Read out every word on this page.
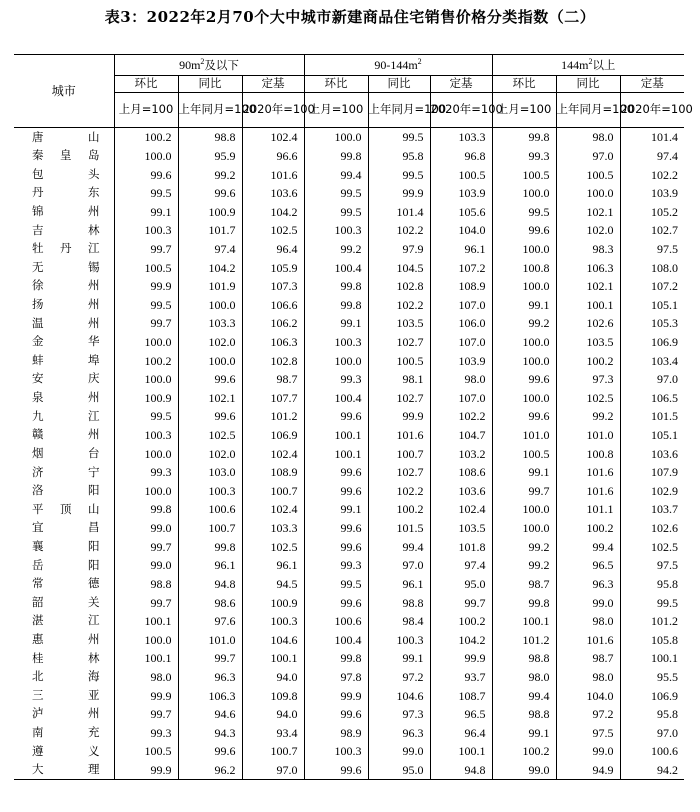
表3：2022年2月70个大中城市新建商品住宅销售价格分类指数（二）
城市	$90m^2$及以下			$90-144m^2$			$144m^2$以上		
	环比	同比	定基	环比	同比	定基	环比	同比	定基
	上月=100	上年同月=100	2020年=100	上月=100	上年同月=100	2020年=100	上月=100	上年同月=100	2020年=100
唐山	100.2	98.8	102.4	100.0	99.5	103.3	99.8	98.0	101.4
秦皇岛	100.0	95.9	96.6	99.8	95.8	96.8	99.3	97.0	97.4
包头	99.6	99.2	101.6	99.4	99.5	100.5	100.5	100.5	102.2
丹东	99.5	99.6	103.6	99.5	99.9	103.9	100.0	100.0	103.9
锦州	99.1	100.9	104.2	99.5	101.4	105.6	99.5	102.1	105.2
吉林	100.3	101.7	102.5	100.3	102.2	104.0	99.6	102.0	102.7
牡丹江	99.7	97.4	96.4	99.2	97.9	96.1	100.0	98.3	97.5
无锡	100.5	104.2	105.9	100.4	104.5	107.2	100.8	106.3	108.0
徐州	99.9	101.9	107.3	99.8	102.8	108.9	100.0	102.1	107.2
扬州	99.5	100.0	106.6	99.8	102.2	107.0	99.1	100.1	105.1
温州	99.7	103.3	106.2	99.1	103.5	106.0	99.2	102.6	105.3
金华	100.0	102.0	106.3	100.3	102.7	107.0	100.0	103.5	106.9
蚌埠	100.2	100.0	102.8	100.0	100.5	103.9	100.0	100.2	103.4
安庆	100.0	99.6	98.7	99.3	98.1	98.0	99.6	97.3	97.0
泉州	100.9	102.1	107.7	100.4	102.7	107.0	100.0	102.5	106.5
九江	99.5	99.6	101.2	99.6	99.9	102.2	99.6	99.2	101.5
赣州	100.3	102.5	106.9	100.1	101.6	104.7	101.0	101.0	105.1
烟台	100.0	102.0	102.4	100.1	100.7	103.2	100.5	100.8	103.6
济宁	99.3	103.0	108.9	99.6	102.7	108.6	99.1	101.6	107.9
洛阳	100.0	100.3	100.7	99.6	102.2	103.6	99.7	101.6	102.9
平顶山	99.8	100.6	102.4	99.1	100.2	102.4	100.0	101.1	103.7
宜昌	99.0	100.7	103.3	99.6	101.5	103.5	100.0	100.2	102.6
襄阳	99.7	99.8	102.5	99.6	99.4	101.8	99.2	99.4	102.5
岳阳	99.0	96.1	96.1	99.3	97.0	97.4	99.2	96.5	97.5
常德	98.8	94.8	94.5	99.5	96.1	95.0	98.7	96.3	95.8
韶关	99.7	98.6	100.9	99.6	98.8	99.7	99.8	99.0	99.5
湛江	100.1	97.6	100.3	100.6	98.4	100.2	100.1	98.0	101.2
惠州	100.0	101.0	104.6	100.4	100.3	104.2	101.2	101.6	105.8
桂林	100.1	99.7	100.1	99.8	99.1	99.9	98.8	98.7	100.1
北海	98.0	96.3	94.0	97.8	97.2	93.7	98.0	98.0	95.5
三亚	99.9	106.3	109.8	99.9	104.6	108.7	99.4	104.0	106.9
泸州	99.7	94.6	94.0	99.6	97.3	96.5	98.8	97.2	95.8
南充	99.3	94.3	93.4	98.9	96.3	96.4	99.1	97.5	97.0
遵义	100.5	99.6	100.7	100.3	99.0	100.1	100.2	99.0	100.6
大理	99.9	96.2	97.0	99.6	95.0	94.8	99.0	94.9	94.2
